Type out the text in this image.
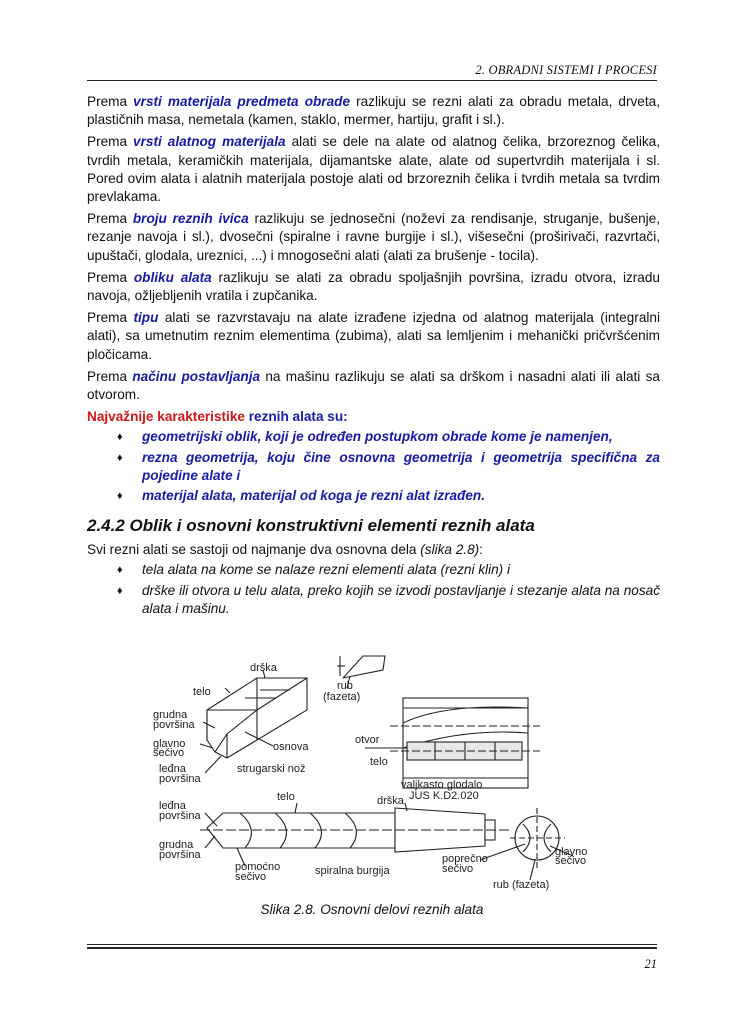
2. OBRADNI SISTEMI I PROCESI

Prema vrsti materijala predmeta obrade razlikuju se rezni alati za obradu metala, drveta, plastičnih masa, nemetala (kamen, staklo, mermer, hartiju, grafit i sl.).

Prema vrsti alatnog materijala alati se dele na alate od alatnog čelika, brzoreznog čelika, tvrdih metala, keramičkih materijala, dijamantske alate, alate od supertvrdih materijala i sl. Pored ovim alata i alatnih materijala postoje alati od brzoreznih čelika i tvrdih metala sa tvrdim prevlakama.

Prema broju reznih ivica razlikuju se jednosečni (noževi za rendisanje, struganje, bušenje, rezanje navoja i sl.), dvosečni (spiralne i ravne burgije i sl.), višesečni (proširivači, razvrtači, upuštači, glodala, ureznici, ...) i mnogosečni alati (alati za brušenje - tocila).

Prema obliku alata razlikuju se alati za obradu spoljašnjih površina, izradu otvora, izradu navoja, ožljebljenih vratila i zupčanika.

Prema tipu alati se razvrstavaju na alate izrađene izjedna od alatnog materijala (integralni alati), sa umetnutim reznim elementima (zubima), alati sa lemljenim i mehanički pričvršćenim pločicama.

Prema načinu postavljanja na mašinu razlikuju se alati sa drškom i nasadni alati ili alati sa otvorom.

Najvažnije karakteristike reznih alata su:

♦ geometrijski oblik, koji je određen postupkom obrade kome je namenjen,
♦ rezna geometrija, koju čine osnovna geometrija i geometrija specifična za pojedine alate i
♦ materijal alata, materijal od koga je rezni alat izrađen.
2.4.2 Oblik i osnovni konstruktivni elementi reznih alata

Svi rezni alati se sastoji od najmanje dva osnovna dela (slika 2.8):

♦ tela alata na kome se nalaze rezni elementi alata (rezni klin) i
♦ drške ili otvora u telu alata, preko kojih se izvodi postavljanje i stezanje alata na nosač alata i mašinu.
drška
telo	rub
(fazeta)
grudna
površina
glavno
sečivo	osnova
otvor
leđna
površina
strugarski nož
telo
valjkasto glodalo
JUS K.D2.020
telo	drška
leđna
površina
grudna
površina
pomoćno
sečivo	spiralna burgija
poprečno
sečivo
glavno
sečivo
rub (fazeta)
Slika 2.8. Osnovni delovi reznih alata
21
